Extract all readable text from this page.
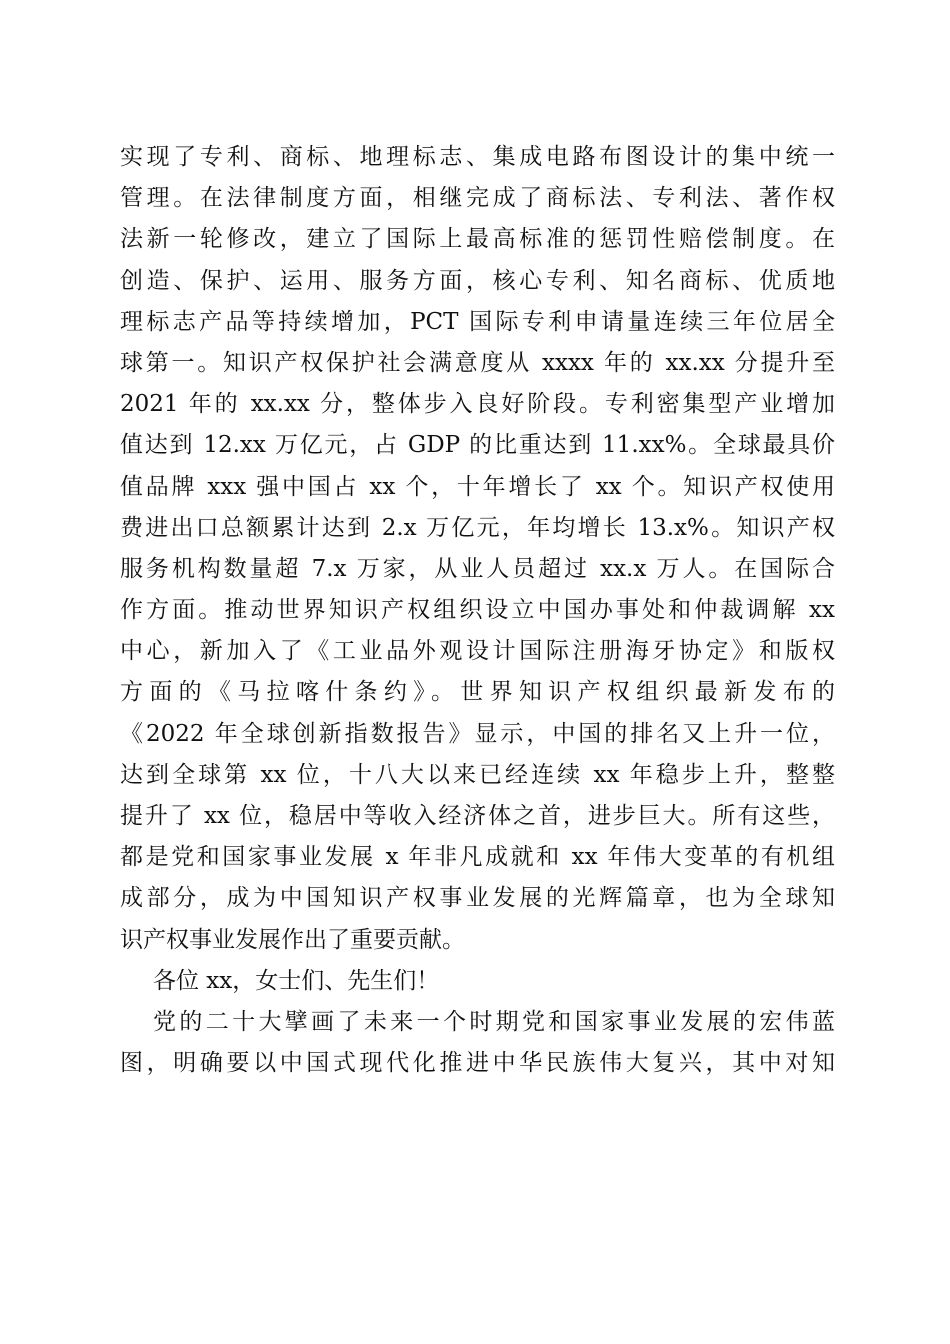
实现了专利、商标、地理标志、集成电路布图设计的集中统一
管理。在法律制度方面，相继完成了商标法、专利法、著作权
法新一轮修改，建立了国际上最高标准的惩罚性赔偿制度。在
创造、保护、运用、服务方面，核心专利、知名商标、优质地
理标志产品等持续增加，PCT 国际专利申请量连续三年位居全
球第一。知识产权保护社会满意度从 xxxx 年的 xx.xx 分提升至
2021 年的 xx.xx 分，整体步入良好阶段。专利密集型产业增加
值达到 12.xx 万亿元，占 GDP 的比重达到 11.xx%。全球最具价
值品牌 xxx 强中国占 xx 个，十年增长了 xx 个。知识产权使用
费进出口总额累计达到 2.x 万亿元，年均增长 13.x%。知识产权
服务机构数量超 7.x 万家，从业人员超过 xx.x 万人。在国际合
作方面。推动世界知识产权组织设立中国办事处和仲裁调解 xx
中心，新加入了《工业品外观设计国际注册海牙协定》和版权
方面的《马拉喀什条约》。世界知识产权组织最新发布的
《2022 年全球创新指数报告》显示，中国的排名又上升一位，
达到全球第 xx 位，十八大以来已经连续 xx 年稳步上升，整整
提升了 xx 位，稳居中等收入经济体之首，进步巨大。所有这些，
都是党和国家事业发展 x 年非凡成就和 xx 年伟大变革的有机组
成部分，成为中国知识产权事业发展的光辉篇章，也为全球知
识产权事业发展作出了重要贡献。
各位 xx，女士们、先生们！
党的二十大擘画了未来一个时期党和国家事业发展的宏伟蓝
图，明确要以中国式现代化推进中华民族伟大复兴，其中对知
